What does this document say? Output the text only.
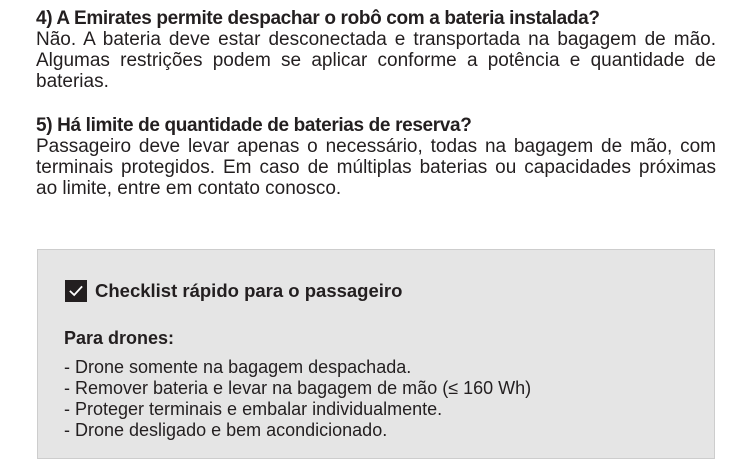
4) A Emirates permite despachar o robô com a bateria instalada?

Não. A bateria deve estar desconectada e transportada na bagagem de mão. Algumas restrições podem se aplicar conforme a potência e quantidade de baterias.

5) Há limite de quantidade de baterias de reserva?

Passageiro deve levar apenas o necessário, todas na bagagem de mão, com terminais protegidos. Em caso de múltiplas baterias ou capacidades próximas ao limite, entre em contato conosco.

Checklist rápido para o passageiro

Para drones:

- Drone somente na bagagem despachada.
- Remover bateria e levar na bagagem de mão (≤ 160 Wh)
- Proteger terminais e embalar individualmente.
- Drone desligado e bem acondicionado.
